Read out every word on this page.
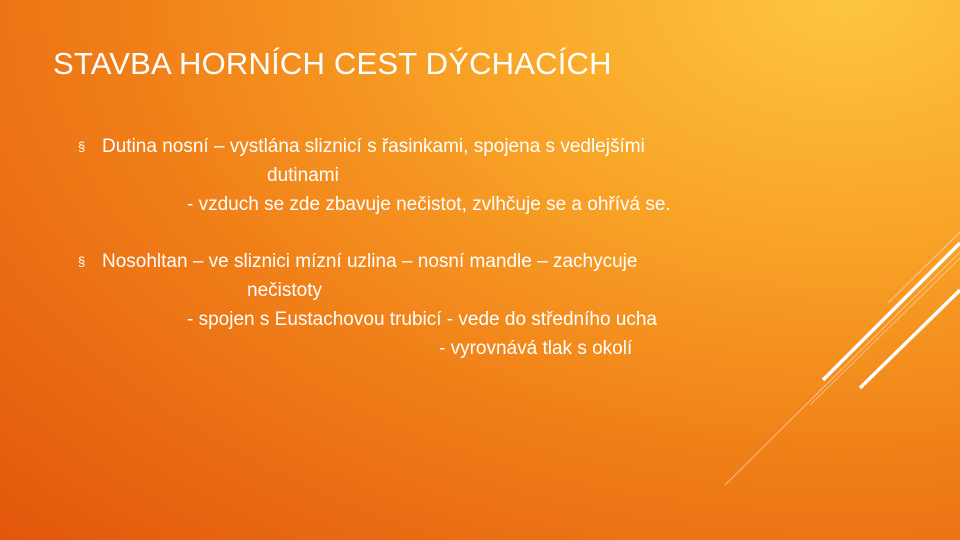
STAVBA HORNÍCH CEST DÝCHACÍCH
§ Dutina nosní – vystlána sliznicí s řasinkami, spojena s vedlejšími
dutinami
- vzduch se zde zbavuje nečistot, zvlhčuje se a ohřívá se.
§ Nosohltan – ve sliznici mízní uzlina – nosní mandle – zachycuje
nečistoty
- spojen s Eustachovou trubicí - vede do středního ucha
- vyrovnává tlak s okolí
